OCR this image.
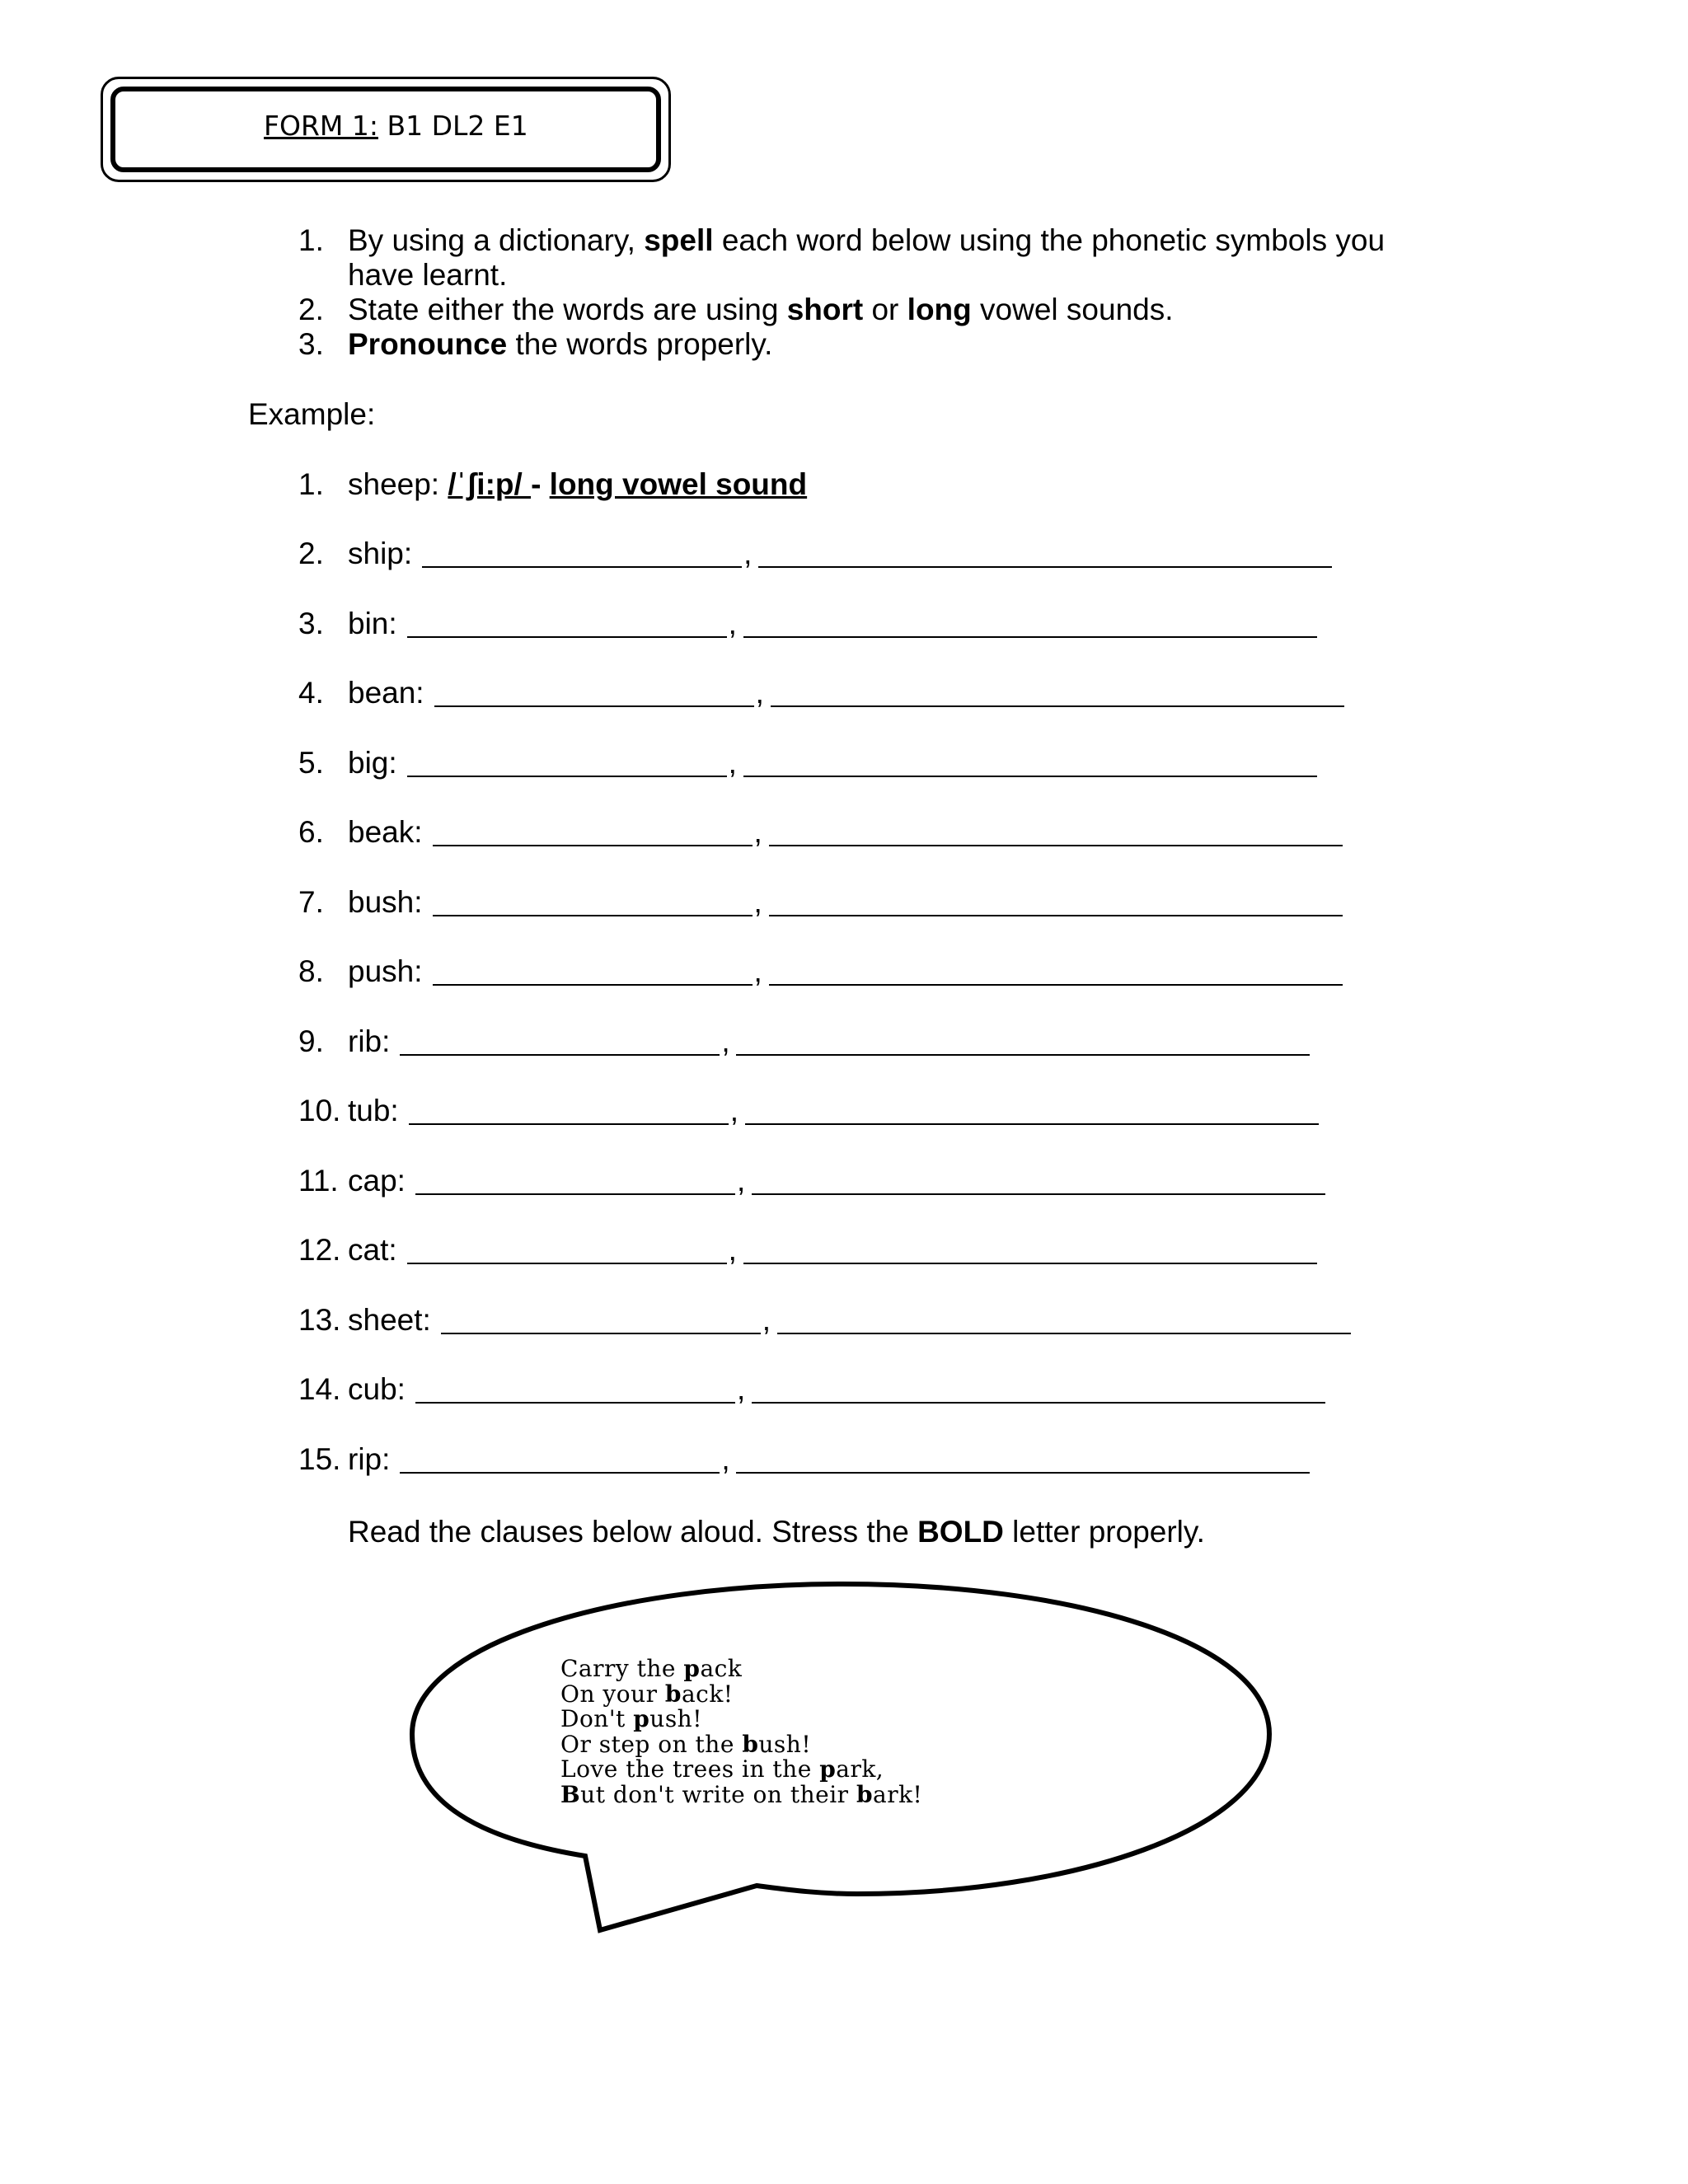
FORM 1: B1 DL2 E1
1. By using a dictionary, spell each word below using the phonetic symbols you
have learnt.
2. State either the words are using short or long vowel sounds.
3. Pronounce the words properly.
Example:
1. sheep: /ˈʃi:p/ - long vowel sound
2. ship:	,
3. bin:	,
4. bean:	,
5. big:	,
6. beak:	,
7. bush:	,
8. push:	,
9. rib:	,
10. tub:	,
11. cap:	,
12. cat:	,
13. sheet:	,
14. cub:	,
15. rip:	,
Read the clauses below aloud. Stress the BOLD letter properly.
Carry the pack
On your back!
Don't push!
Or step on the bush!
Love the trees in the park,
But don't write on their bark!
